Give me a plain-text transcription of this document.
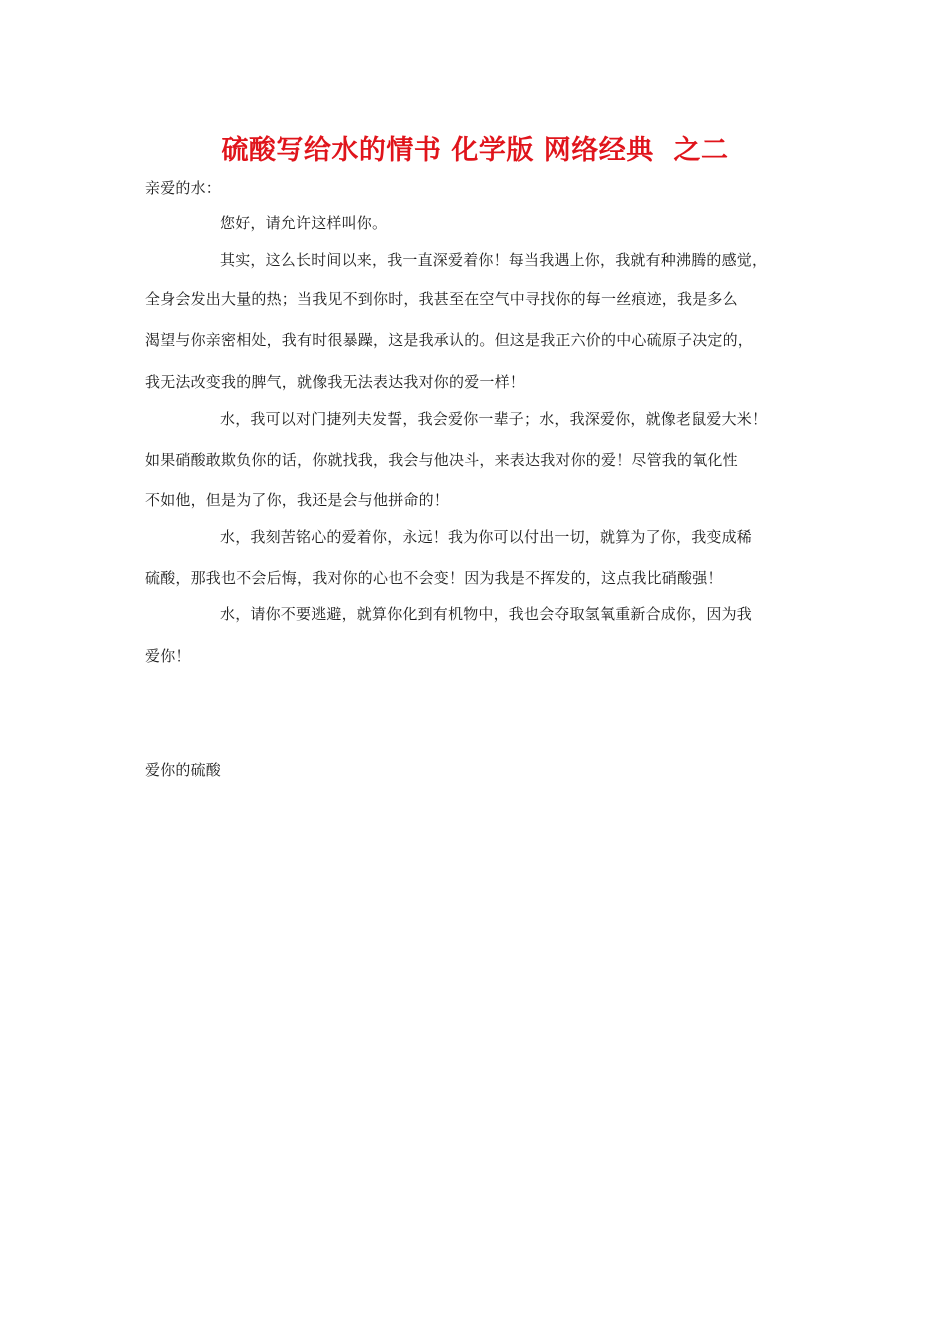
硫酸写给水的情书 化学版 网络经典  之二
亲爱的水：
您好，请允许这样叫你。
其实，这么长时间以来，我一直深爱着你！每当我遇上你，我就有种沸腾的感觉，
全身会发出大量的热；当我见不到你时，我甚至在空气中寻找你的每一丝痕迹，我是多么
渴望与你亲密相处，我有时很暴躁，这是我承认的。但这是我正六价的中心硫原子决定的，
我无法改变我的脾气，就像我无法表达我对你的爱一样！
水，我可以对门捷列夫发誓，我会爱你一辈子；水，我深爱你，就像老鼠爱大米！
如果硝酸敢欺负你的话，你就找我，我会与他决斗，来表达我对你的爱！尽管我的氧化性
不如他，但是为了你，我还是会与他拼命的！
水，我刻苦铭心的爱着你，永远！我为你可以付出一切，就算为了你，我变成稀
硫酸，那我也不会后悔，我对你的心也不会变！因为我是不挥发的，这点我比硝酸强！
水，请你不要逃避，就算你化到有机物中，我也会夺取氢氧重新合成你，因为我
爱你！
爱你的硫酸
